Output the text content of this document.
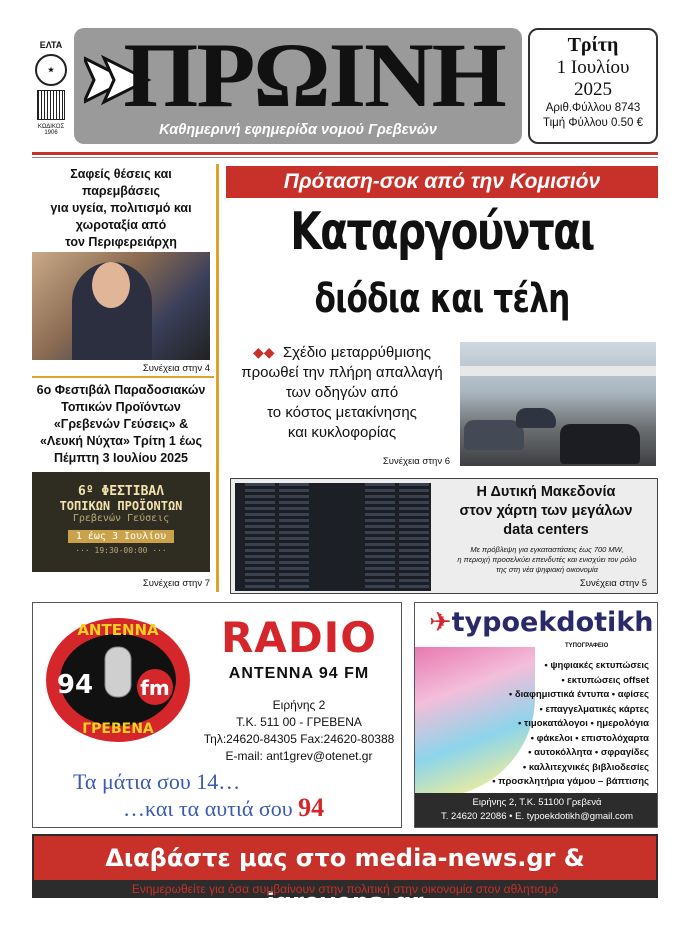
ΕΛΤΑ
★
ΚΩΔΙΚΟΣ
1906
ΠΡΩΙΝΗ
Καθημερινή εφημερίδα νομού Γρεβενών
Τρίτη
1 Ιουλίου
2025
Αριθ.Φύλλου 8743
Τιμή Φύλλου 0.50 €
Σαφείς θέσεις και παρεμβάσεις
για υγεία, πολιτισμό και
χωροταξία από
τον Περιφερειάρχη
Συνέχεια στην 4
6ο Φεστιβάλ Παραδοσιακών
Τοπικών Προϊόντων
«Γρεβενών Γεύσεις» &
«Λευκή Νύχτα» Τρίτη 1 έως
Πέμπτη 3 Ιουλίου 2025
6º ΦΕΣΤΙΒΑΛ
ΤΟΠΙΚΩΝ ΠΡΟΪΟΝΤΩΝ
Γρεβενών Γεύσεις
1 έως 3 Ιουλίου
··· 19:30-00:00 ···
Συνέχεια στην 7
Πρόταση-σοκ από την Κομισιόν
Καταργούνται
διόδια και τέλη
◆◆ Σχέδιο μεταρρύθμισης
προωθεί την πλήρη απαλλαγή
των οδηγών από
το κόστος μετακίνησης
και κυκλοφορίας
Συνέχεια στην 6
Η Δυτική Μακεδονία
στον χάρτη των μεγάλων
data centers
Με πρόβλεψη για εγκαταστάσεις έως 700 MW,
η περιοχή προσελκύει επενδυτές και ενισχύει τον ρόλο
της στη νέα ψηφιακή οικονομία
Συνέχεια στην 5
ΑΝΤΕΝΝΑ
94 fm
ΓΡΕΒΕΝΑ
RADIO
ANTENNA 94 FM
Ειρήνης 2
Τ.Κ. 511 00 - ΓΡΕΒΕΝΑ
Τηλ:24620-84305 Fax:24620-80388
E-mail: ant1grev@otenet.gr
Τα μάτια σου 14…
…και τα αυτιά σου 94
✈typoekdotikh
ΤΥΠΟΓΡΑΦΕΙΟ
• ψηφιακές εκτυπώσεις
• εκτυπώσεις offset
• διαφημιστικά έντυπα • αφίσες
• επαγγελματικές κάρτες
• τιμοκατάλογοι • ημερολόγια
• φάκελοι • επιστολόχαρτα
• αυτοκόλλητα • σφραγίδες
• καλλιτεχνικές βιβλιοδεσίες
• προσκλητήρια γάμου – βάπτισης
Ειρήνης 2, Τ.Κ. 51100 Γρεβενά
T. 24620 22086 • E. typoekdotikh@gmail.com
Διαβάστε μας στο media-news.gr & igrevena.gr
Ενημερωθείτε για όσα συμβαίνουν στην πολιτική στην οικονομία στον αθλητισμό
